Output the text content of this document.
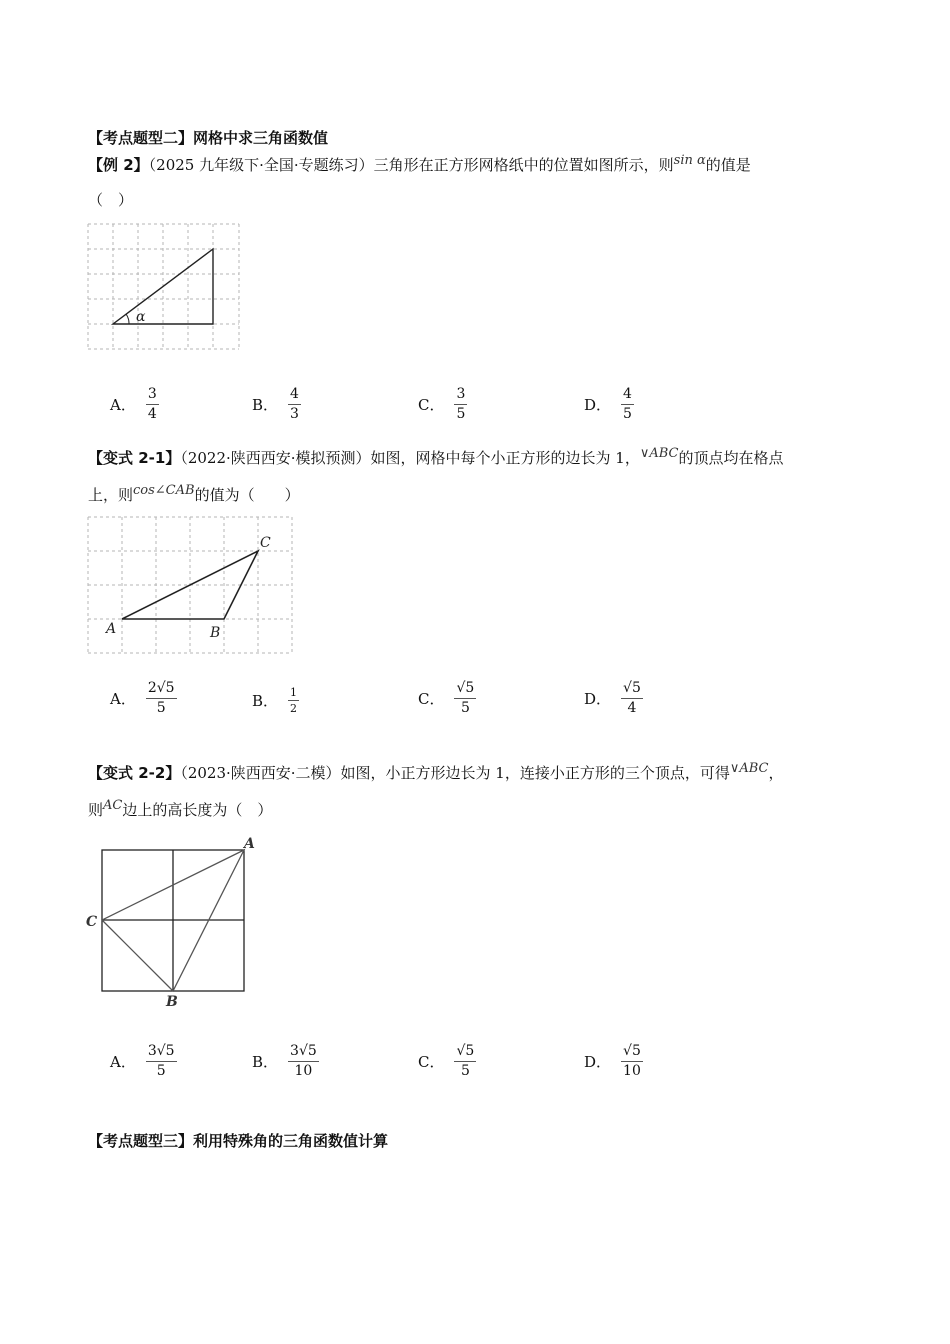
【考点题型二】网格中求三角函数值
【例 2】（2025 九年级下·全国·专题练习）三角形在正方形网格纸中的位置如图所示，则sin α的值是
（　）
α
A． $\frac{3}{4}$	B． $\frac{4}{3}$	C． $\frac{3}{5}$	D． $\frac{4}{5}$
【变式 2-1】（2022·陕西西安·模拟预测）如图，网格中每个小正方形的边长为 1，∨ABC的顶点均在格点
上，则cos∠CAB的值为（　　）
A	B
C
A． $\frac{2√5}{5}$	B． $\frac{1}{2}$	C． $\frac{√5}{5}$	D． $\frac{√5}{4}$
【变式 2-2】（2023·陕西西安·二模）如图，小正方形边长为 1，连接小正方形的三个顶点，可得∨ABC，
则AC边上的高长度为（　）
A
B
C
A． $\frac{3√5}{5}$	B． $\frac{3√5}{10}$	C． $\frac{√5}{5}$	D． $\frac{√5}{10}$
【考点题型三】利用特殊角的三角函数值计算
